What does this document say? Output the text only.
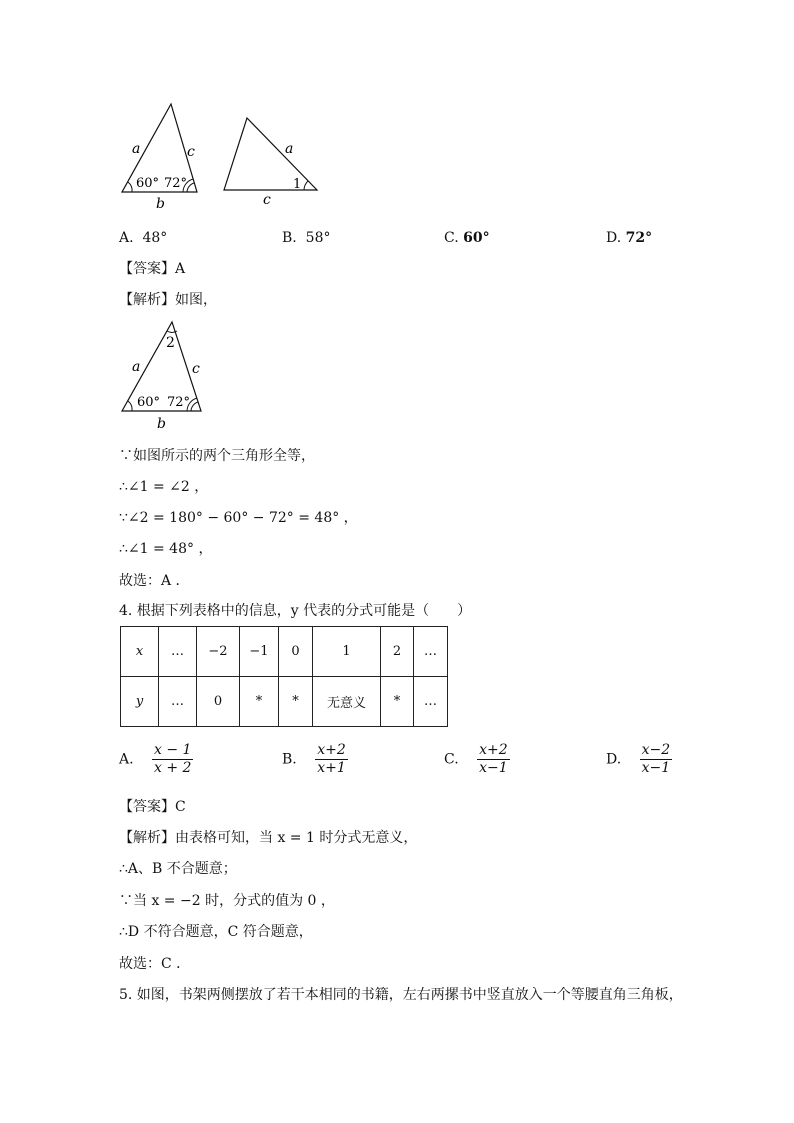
a	c
b
60° 72°
a
c
1
A. 48°	B. 58°	C. 60°	D. 72°
【答案】A
【解析】如图，
2
a	c
b
60° 72°
∵如图所示的两个三角形全等，
∴∠1 = ∠2 ，
∵∠2 = 180° − 60° − 72° = 48° ，
∴∠1 = 48° ，
故选：A ．
4. 根据下列表格中的信息，y 代表的分式可能是（　　）
x	…	−2	−1	0	1	2	…
y	…	0	*	*	无意义	*	…
A. $\frac{x - 1}{x + 2}$	B. $\frac{x+2}{x+1}$	C. $\frac{x+2}{x-1}$	D. $\frac{x-2}{x-1}$
【答案】C
【解析】由表格可知，当 x = 1 时分式无意义，
∴A、B 不合题意；
∵当 x = −2 时，分式的值为 0 ，
∴D 不符合题意，C 符合题意，
故选：C ．
5. 如图，书架两侧摆放了若干本相同的书籍，左右两摞书中竖直放入一个等腰直角三角板，
